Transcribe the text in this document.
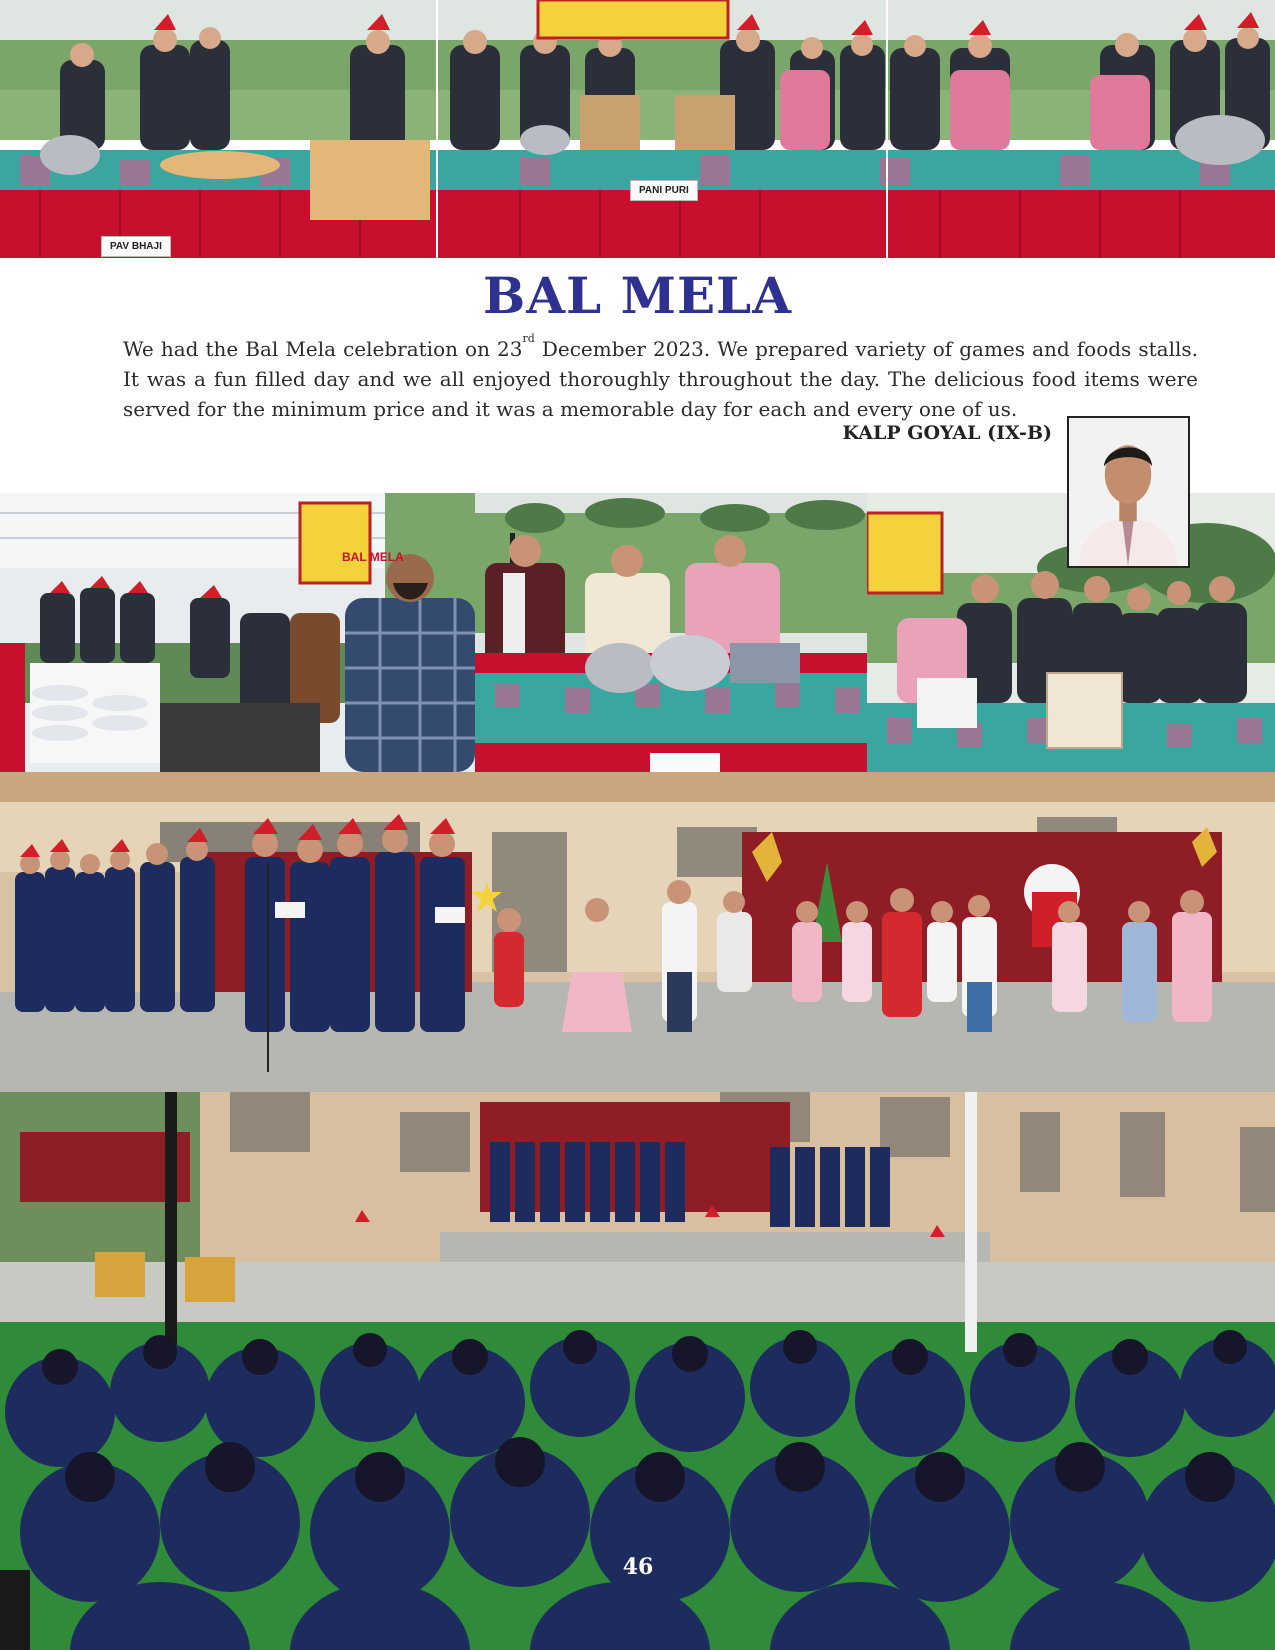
PAV BHAJI
PANI PURI
BAL MELA

We had the Bal Mela celebration on 23rd December 2023. We prepared variety of games and foods stalls. It was a fun filled day and we all enjoyed thoroughly throughout the day. The delicious food items were served for the minimum price and it was a memorable day for each and every one of us.

KALP GOYAL (IX-B)
BAL MELA
46
